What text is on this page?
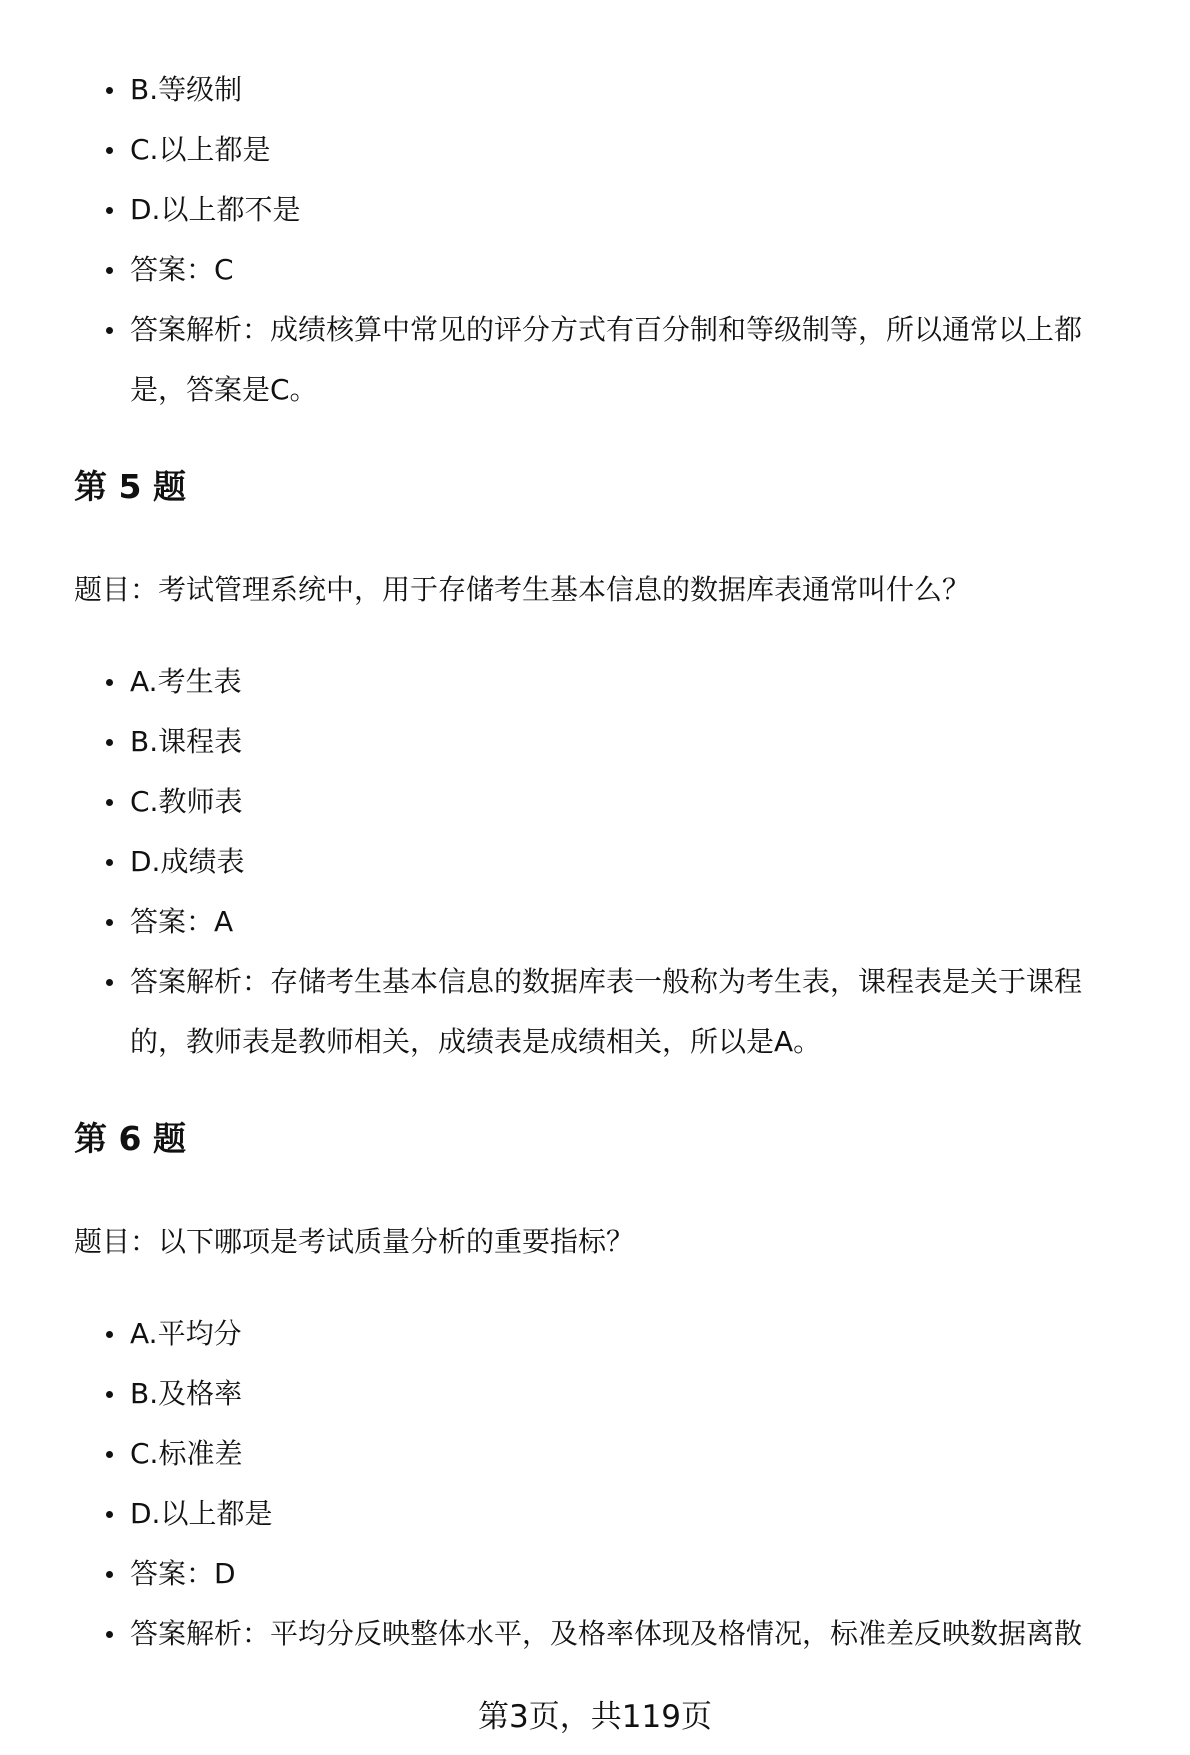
B.等级制
C.以上都是
D.以上都不是
答案：C
答案解析：成绩核算中常见的评分方式有百分制和等级制等，所以通常以上都
是，答案是C。
第 5 题
题目：考试管理系统中，用于存储考生基本信息的数据库表通常叫什么？
A.考生表
B.课程表
C.教师表
D.成绩表
答案：A
答案解析：存储考生基本信息的数据库表一般称为考生表，课程表是关于课程
的，教师表是教师相关，成绩表是成绩相关，所以是A。
第 6 题
题目：以下哪项是考试质量分析的重要指标？
A.平均分
B.及格率
C.标准差
D.以上都是
答案：D
答案解析：平均分反映整体水平，及格率体现及格情况，标准差反映数据离散
第3页，共119页
